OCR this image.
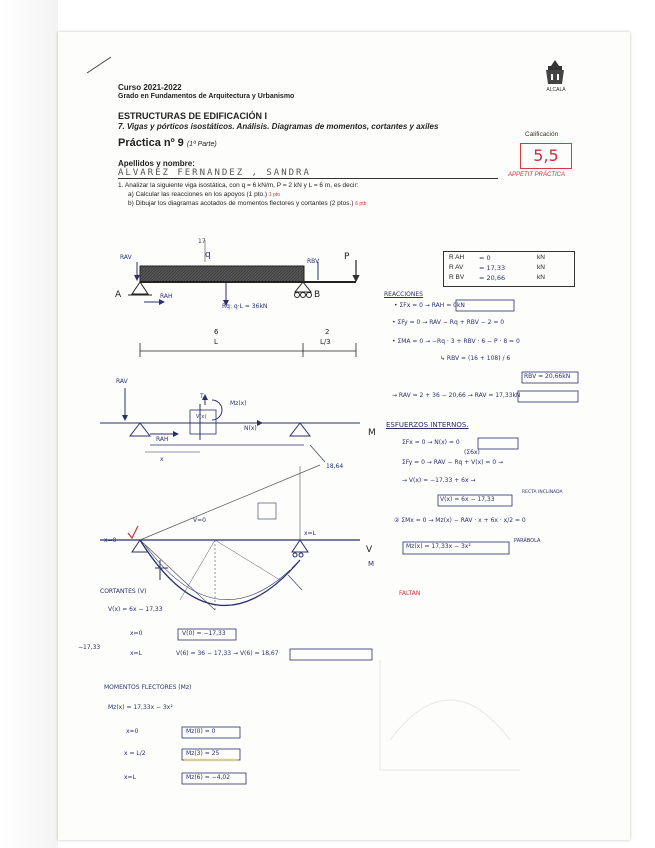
Curso 2021-2022
Grado en Fundamentos de Arquitectura y Urbanismo
ESTRUCTURAS DE EDIFICACIÓN I
7. Vigas y pórticos isostáticos. Análisis. Diagramas de momentos, cortantes y axiles
Práctica nº 9 (1ª Parte)
Apellidos y nombre:
ALVAREZ FERNANDEZ , SANDRA
ALCALÁ
Calificación
5,5
APPETIT PRÁCTICA
1. Analizar la siguiente viga isostática, con q = 6 kN/m, P = 2 kN y L = 6 m, es decir:
a) Calcular las reacciones en los apoyos (1 pto.) 1 pto
b) Dibujar los diagramas acotados de momentos flectores y cortantes (2 ptos.) 6 ptb
q
17
P
A	B
RAV
RAH
RBV
Rq: q·L = 36kN
6
L
2
L/3
R AH = 0	kN
R AV = 17,33	kN
R BV = 20,66	kN
REACCIONES
• ΣFx = 0 → RAH = 0kN
• ΣFy = 0 → RAV − Rq + RBV − 2 = 0
• ΣMA = 0 → −Rq · 3 + RBV · 6 − P · 8 = 0
↳ RBV = (16 + 108) / 6
RBV = 20,66kN
→ RAV = 2 + 36 − 20,66 → RAV = 17,33kN
ESFUERZOS INTERNOS.
ΣFx = 0 → N(x) = 0
(Σ6x)
ΣFy = 0 → RAV − Rq + V(x) = 0 →
→ V(x) = −17,33 + 6x →
V(x) = 6x − 17,33
RECTA INCLINADA
② ΣMx = 0 → Mz(x) − RAV · x + 6x · x/2 = 0
Mz(x) = 17,33x − 3x²
PARÁBOLA
RAV
RAH
Mz(x)
N(x)
V(x)
x
M
T
18,64
V=0
x=0
x=L
V
M
FALTAN
CORTANTES (V)
V(x) = 6x − 17,33
−17,33
x=0	V(0) = −17,33
x=L	V(6) = 36 − 17,33 → V(6) = 18,67
MOMENTOS FLECTORES (Mz)
Mz(x) = 17,33x − 3x²
x=0	Mz(0) = 0
x = L/2	Mz(3) = 25
x=L	Mz(6) = −4,02
